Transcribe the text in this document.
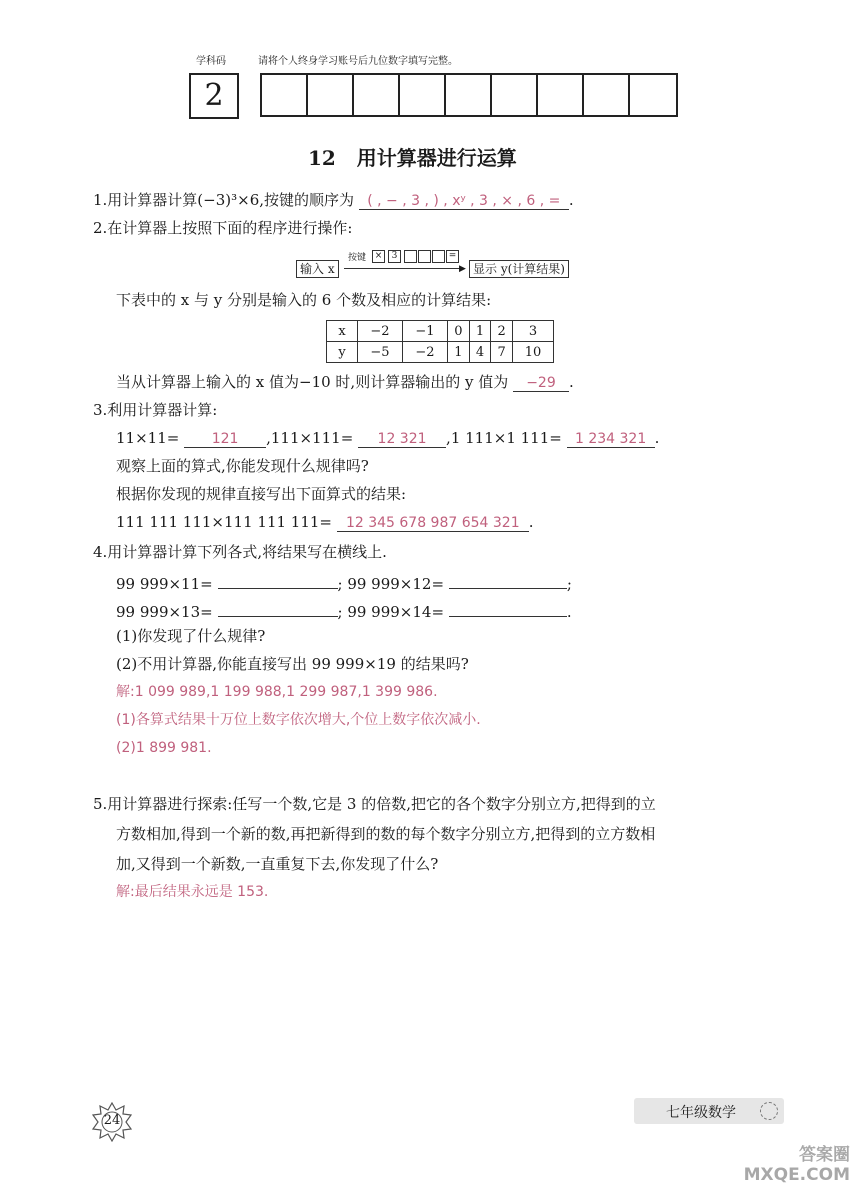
学科码	请将个人终身学习账号后九位数字填写完整。
2
12 用计算器进行运算
1.用计算器计算(−3)³×6,按键的顺序为 ( , − , 3 , ) , xʸ , 3 , × , 6 , = .
2.在计算器上按照下面的程序进行操作:
输入 x	▶
按键 ×	3	=
显示 y(计算结果)
下表中的 x 与 y 分别是输入的 6 个数及相应的计算结果:
x	−2	−1	0	1	2	3
y	−5	−2	1	4	7	10
当从计算器上输入的 x 值为−10 时,则计算器输出的 y 值为 −29 .
3.利用计算器计算:
11×11= 121 ,111×111= 12 321 ,1 111×1 111= 1 234 321 .
观察上面的算式,你能发现什么规律吗?
根据你发现的规律直接写出下面算式的结果:
111 111 111×111 111 111= 12 345 678 987 654 321 .
4.用计算器计算下列各式,将结果写在横线上.
99 999×11=	; 99 999×12=	;
99 999×13=	; 99 999×14=	.
(1)你发现了什么规律?
(2)不用计算器,你能直接写出 99 999×19 的结果吗?
解:1 099 989,1 199 988,1 299 987,1 399 986.
(1)各算式结果十万位上数字依次增大,个位上数字依次减小.
(2)1 899 981.
5.用计算器进行探索:任写一个数,它是 3 的倍数,把它的各个数字分别立方,把得到的立
方数相加,得到一个新的数,再把新得到的数的每个数字分别立方,把得到的立方数相
加,又得到一个新数,一直重复下去,你发现了什么?
解:最后结果永远是 153.
24	七年级数学
答案圈 MXQE.COM
